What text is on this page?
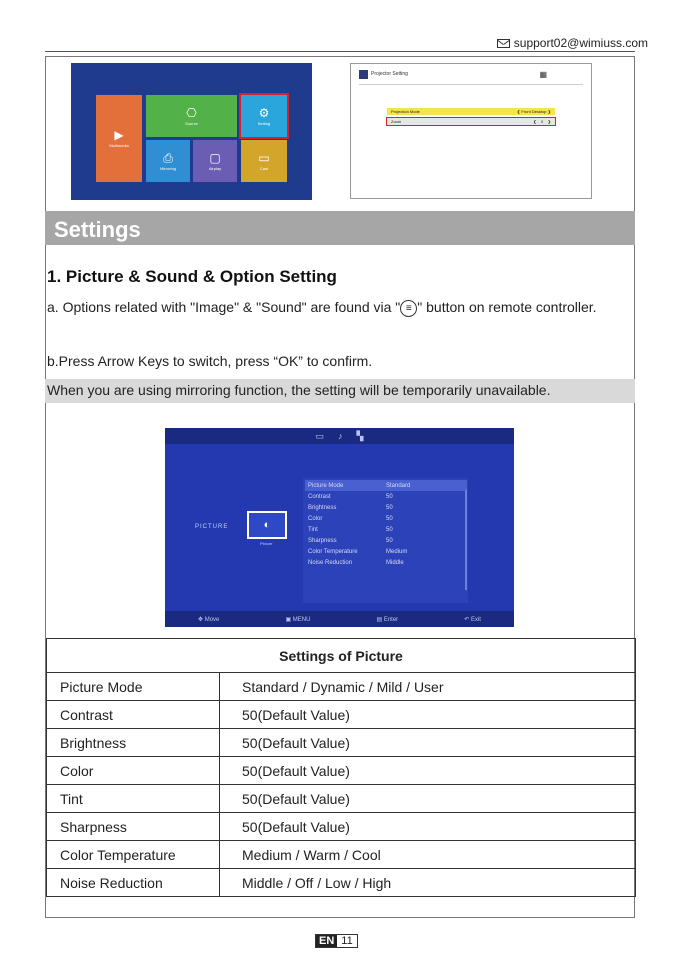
support02@wimiuss.com
▶
Multimedia
⎔
Source
⚙
Setting
⎙
Mirroring
▢
Airplay
▭
Cast
Projector Setting	▦
Projection Mode	❮ Front Desktop ❯
Zoom	❮ 0 ❯
Settings
1. Picture & Sound & Option Setting
a. Options related with "Image" & "Sound" are found via " ≡ " button on remote controller.
b.Press Arrow Keys to switch, press “OK” to confirm.
When you are using mirroring function, the setting will be temporarily unavailable.
▭ ♪ ▚
PICTURE	◐
Picture
Picture Mode	Standard
Contrast	50
Brightness	50
Color	50
Tint	50
Sharpness	50
Color Temperature	Medium
Noise Reduction	Middle
✥ Move	▣ MENU	▤ Enter	↶ Exit
Settings of Picture	
Picture Mode	Standard / Dynamic / Mild / User
Contrast	50(Default Value)
Brightness	50(Default Value)
Color	50(Default Value)
Tint	50(Default Value)
Sharpness	50(Default Value)
Color Temperature	Medium / Warm / Cool
Noise Reduction	Middle / Off / Low / High
EN 11
